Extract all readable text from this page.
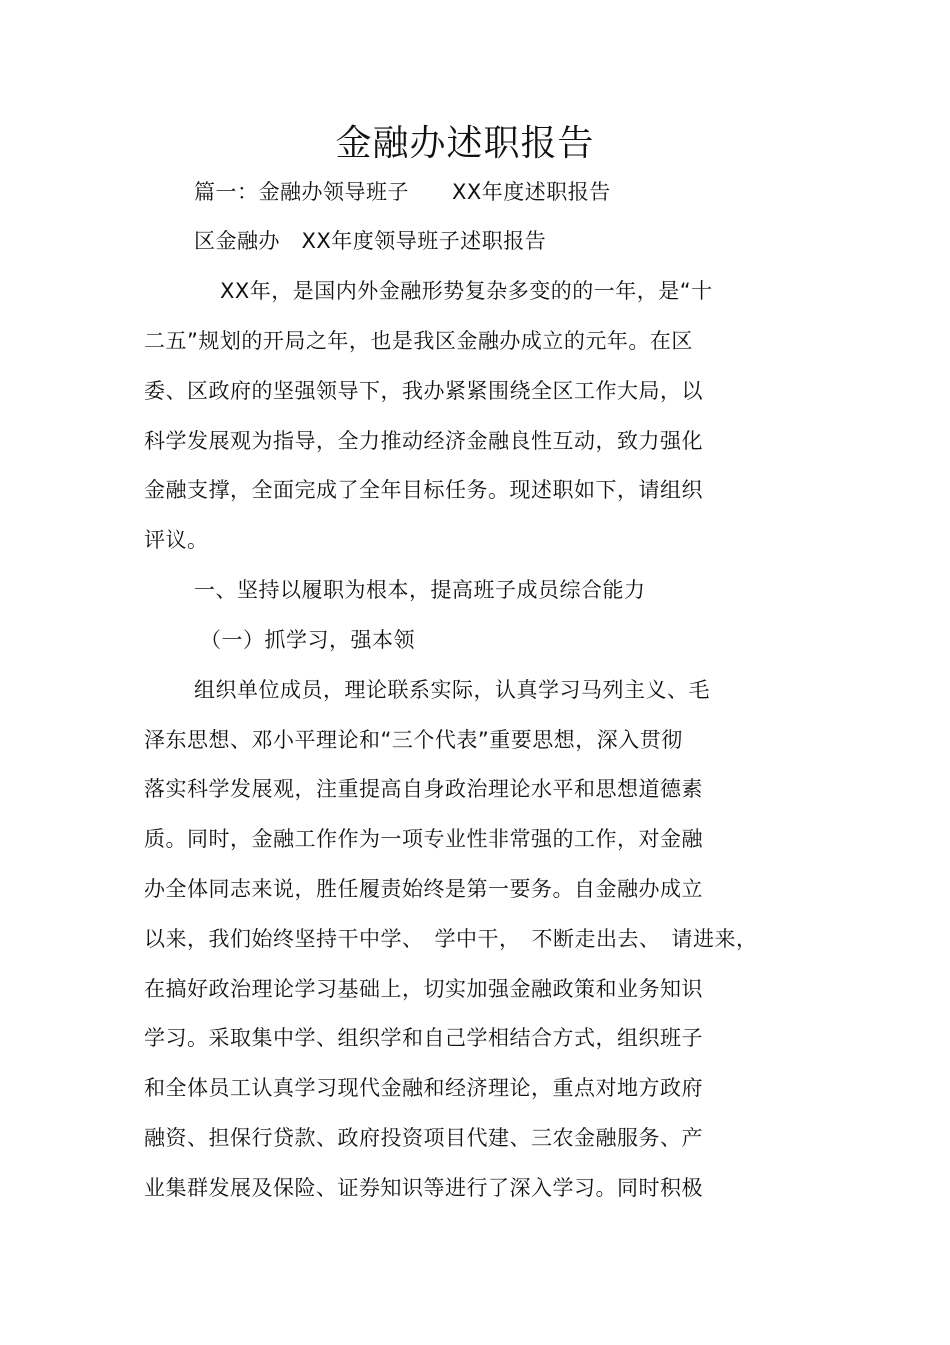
金融办述职报告
篇一：金融办领导班子　　XX年度述职报告
区金融办　XX年度领导班子述职报告
XX年，是国内外金融形势复杂多变的的一年，是“十
二五”规划的开局之年，也是我区金融办成立的元年。在区
委、区政府的坚强领导下，我办紧紧围绕全区工作大局，以
科学发展观为指导，全力推动经济金融良性互动，致力强化
金融支撑，全面完成了全年目标任务。现述职如下，请组织
评议。
一、坚持以履职为根本，提高班子成员综合能力
（一）抓学习，强本领
组织单位成员，理论联系实际，认真学习马列主义、毛
泽东思想、邓小平理论和“三个代表”重要思想，深入贯彻
落实科学发展观，注重提高自身政治理论水平和思想道德素
质。同时，金融工作作为一项专业性非常强的工作，对金融
办全体同志来说，胜任履责始终是第一要务。自金融办成立
以来，我们始终坚持干中学、　学中干，　不断走出去、　请进来，
在搞好政治理论学习基础上，切实加强金融政策和业务知识
学习。采取集中学、组织学和自己学相结合方式，组织班子
和全体员工认真学习现代金融和经济理论，重点对地方政府
融资、担保行贷款、政府投资项目代建、三农金融服务、产
业集群发展及保险、证券知识等进行了深入学习。同时积极
